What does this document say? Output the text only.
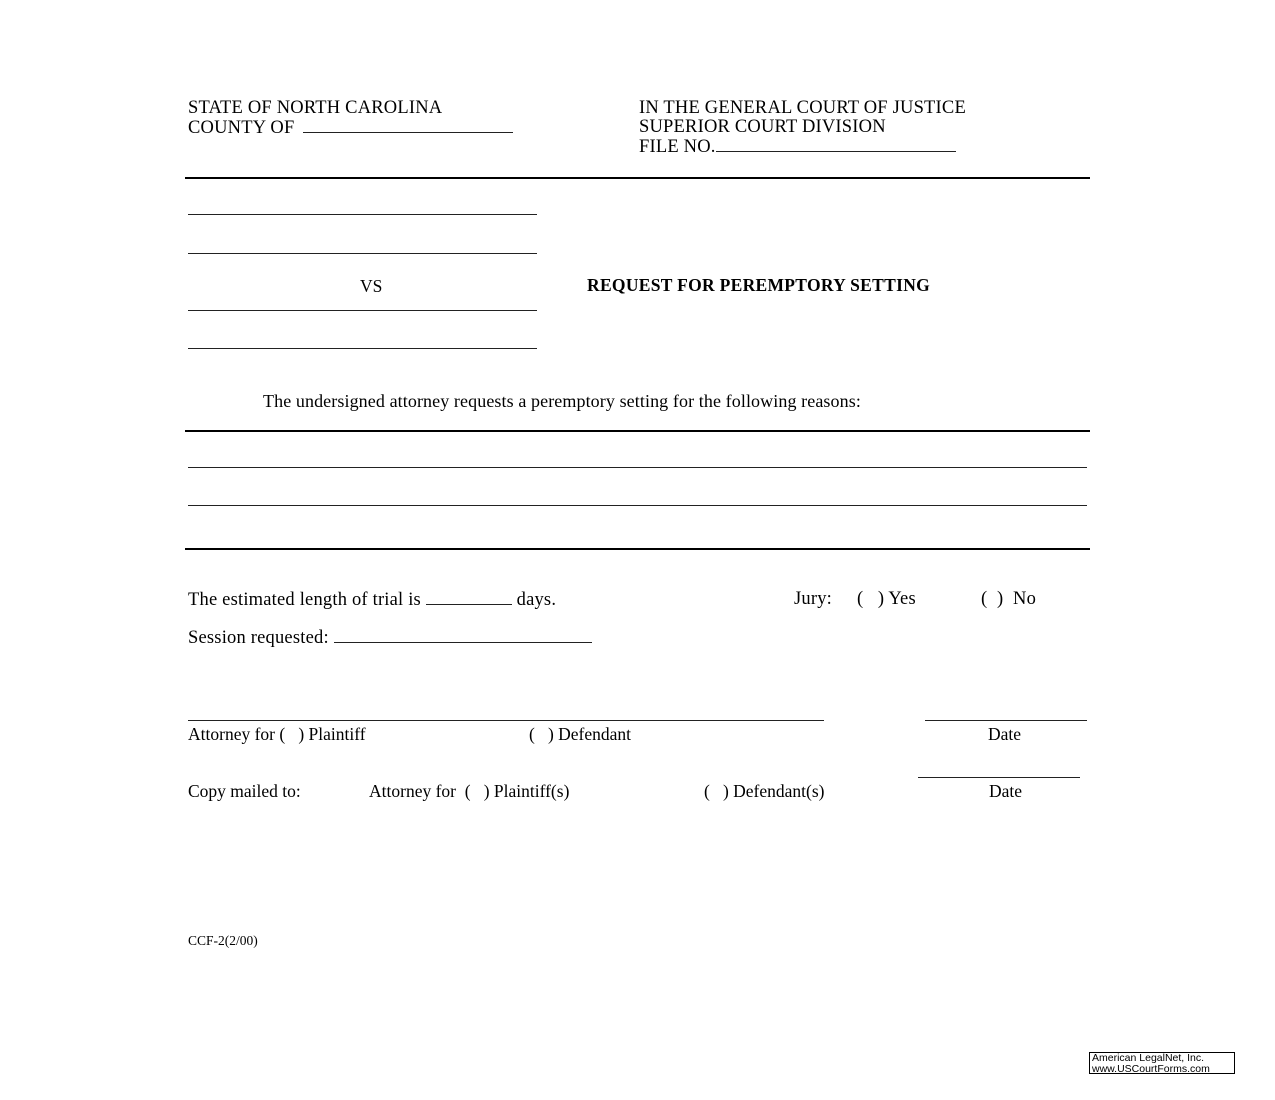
STATE OF NORTH CAROLINA
COUNTY OF
IN THE GENERAL COURT OF JUSTICE
SUPERIOR COURT DIVISION
FILE NO.
VS	REQUEST FOR PEREMPTORY SETTING
The undersigned attorney requests a peremptory setting for the following reasons:
The estimated length of trial is	days.	Jury: (   ) Yes	(  )  No
Session requested:
Attorney for (   ) Plaintiff	(   ) Defendant	Date
Copy mailed to:	Attorney for  (   ) Plaintiff(s)	(   ) Defendant(s)	Date
CCF-2(2/00)
American LegalNet, Inc.
www.USCourtForms.com
